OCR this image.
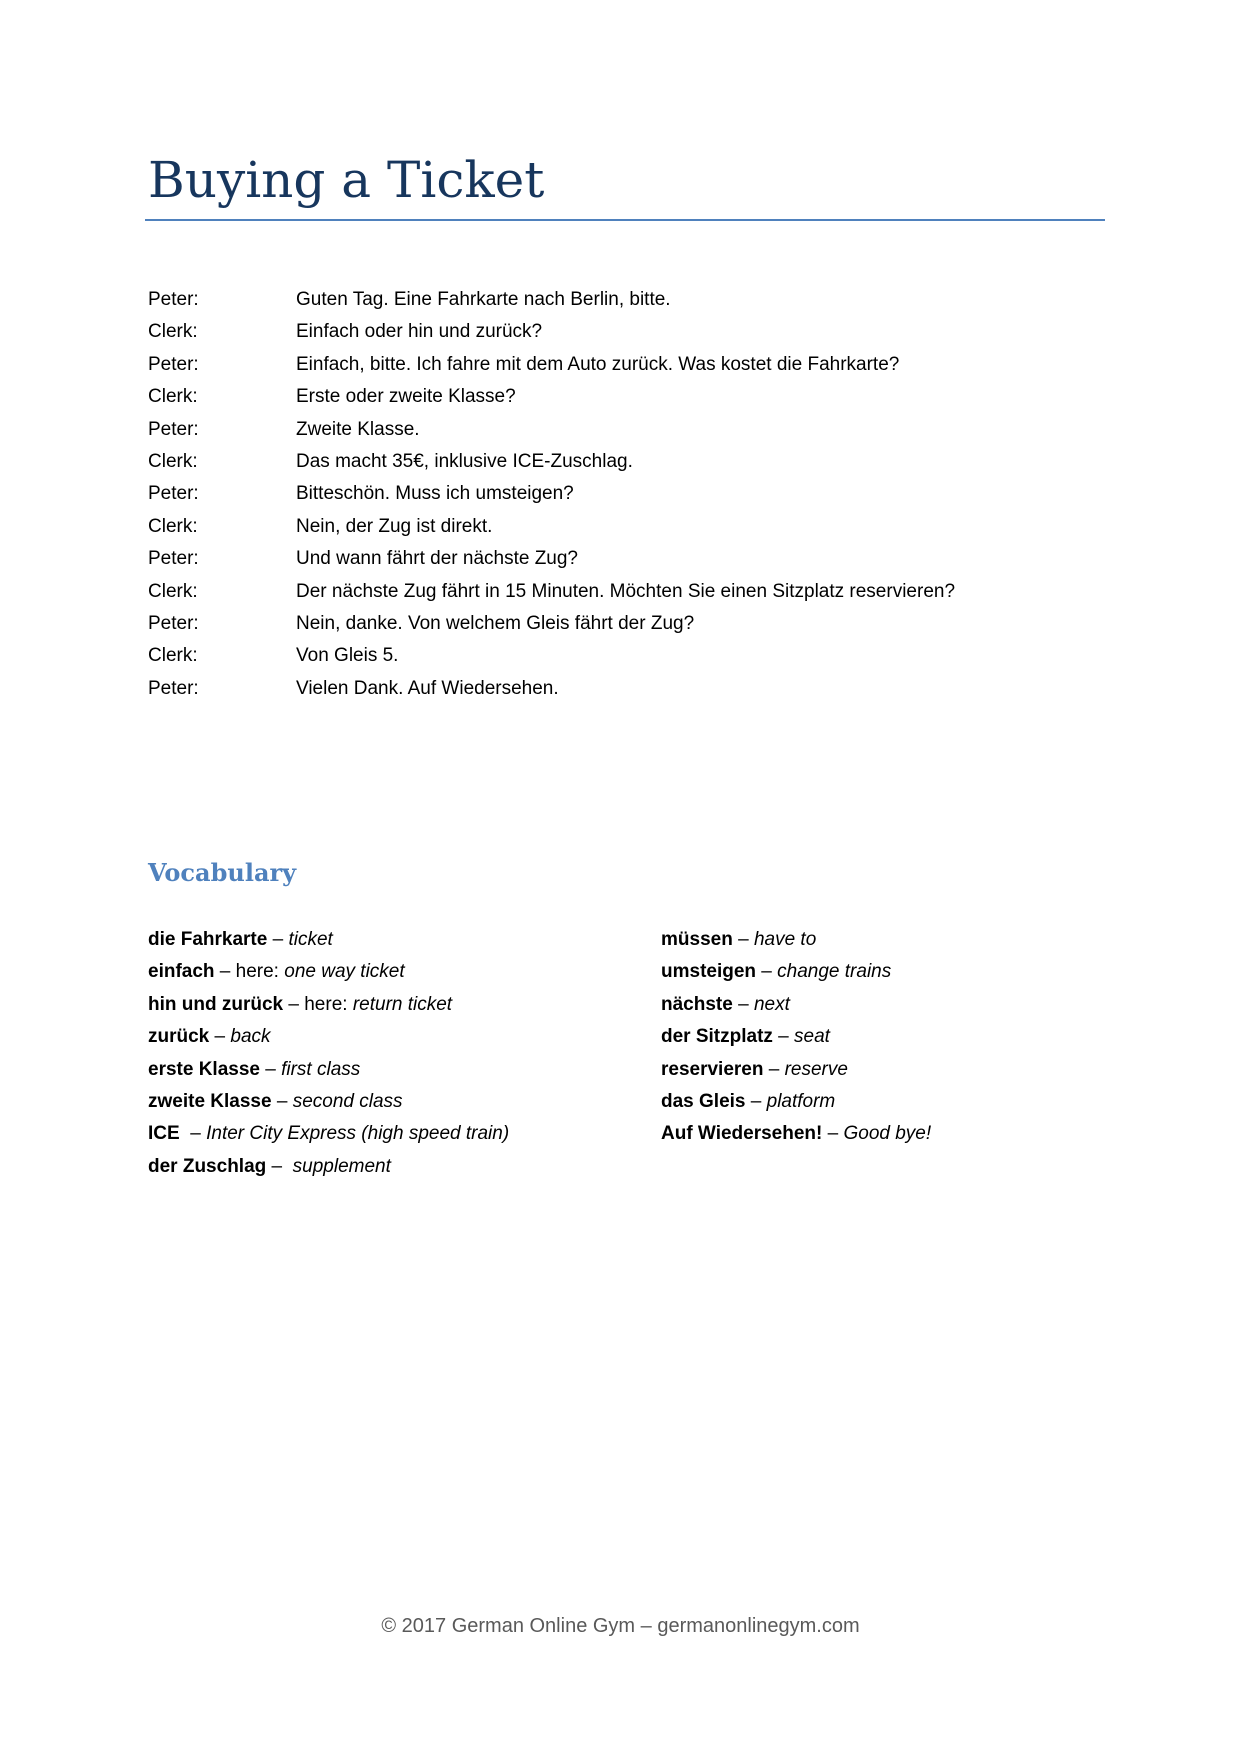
Buying a Ticket
Peter:	Guten Tag. Eine Fahrkarte nach Berlin, bitte.
Clerk:	Einfach oder hin und zurück?
Peter:	Einfach, bitte. Ich fahre mit dem Auto zurück. Was kostet die Fahrkarte?
Clerk:	Erste oder zweite Klasse?
Peter:	Zweite Klasse.
Clerk:	Das macht 35€, inklusive ICE-Zuschlag.
Peter:	Bitteschön. Muss ich umsteigen?
Clerk:	Nein, der Zug ist direkt.
Peter:	Und wann fährt der nächste Zug?
Clerk:	Der nächste Zug fährt in 15 Minuten. Möchten Sie einen Sitzplatz reservieren?
Peter:	Nein, danke. Von welchem Gleis fährt der Zug?
Clerk:	Von Gleis 5.
Peter:	Vielen Dank. Auf Wiedersehen.
Vocabulary
die Fahrkarte – ticket
einfach – here: one way ticket
hin und zurück – here: return ticket
zurück – back
erste Klasse – first class
zweite Klasse – second class
ICE  – Inter City Express (high speed train)
der Zuschlag –  supplement
müssen – have to
umsteigen – change trains
nächste – next
der Sitzplatz – seat
reservieren – reserve
das Gleis – platform
Auf Wiedersehen! – Good bye!
© 2017 German Online Gym – germanonlinegym.com
